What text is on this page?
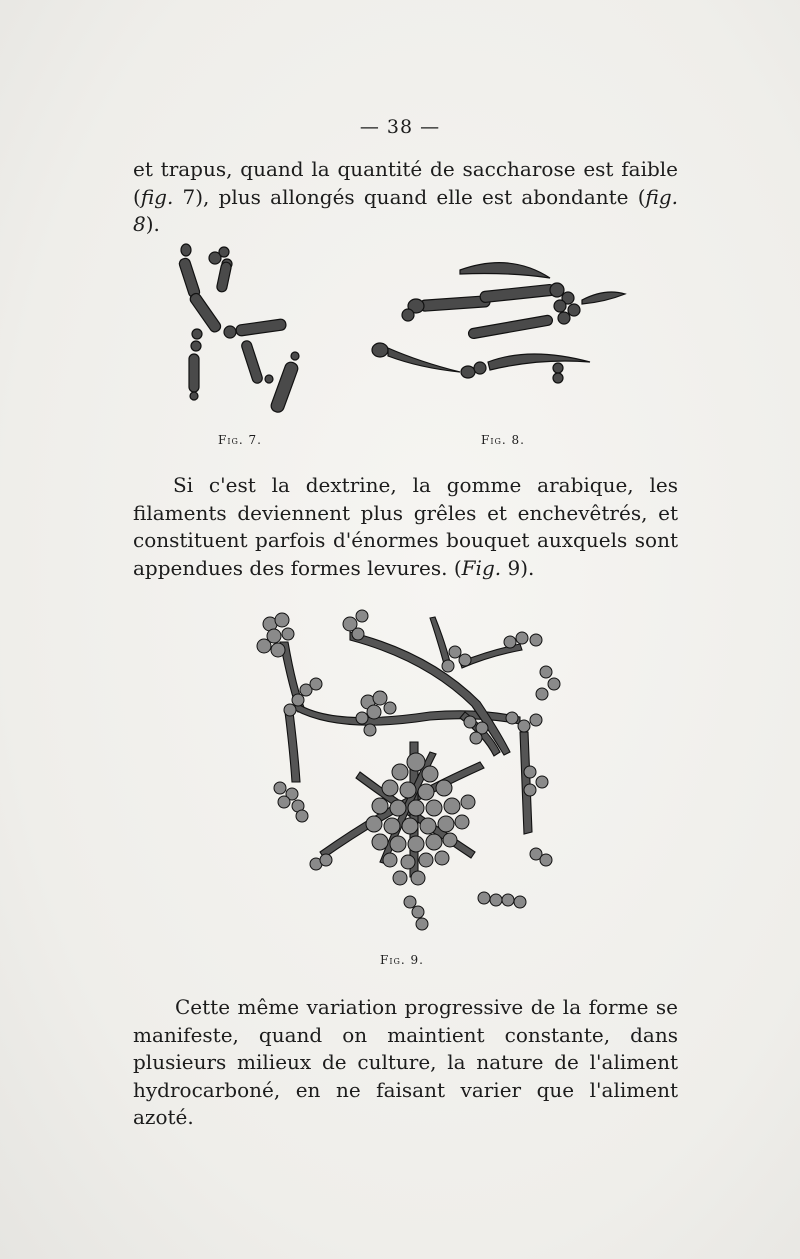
— 38 —

et trapus, quand la quantité de saccharose est faible (fig. 7), plus allongés quand elle est abondante (fig. 8).

Fig. 7.	Fig. 8.

Si c'est la dextrine, la gomme arabique, les filaments deviennent plus grêles et enchevêtrés, et constituent parfois d'énormes bouquet auxquels sont appendues des formes levures. (Fig. 9).

Fig. 9.

Cette même variation progressive de la forme se manifeste, quand on maintient constante, dans plusieurs milieux de culture, la nature de l'aliment hydrocarboné, en ne faisant varier que l'aliment azoté.
